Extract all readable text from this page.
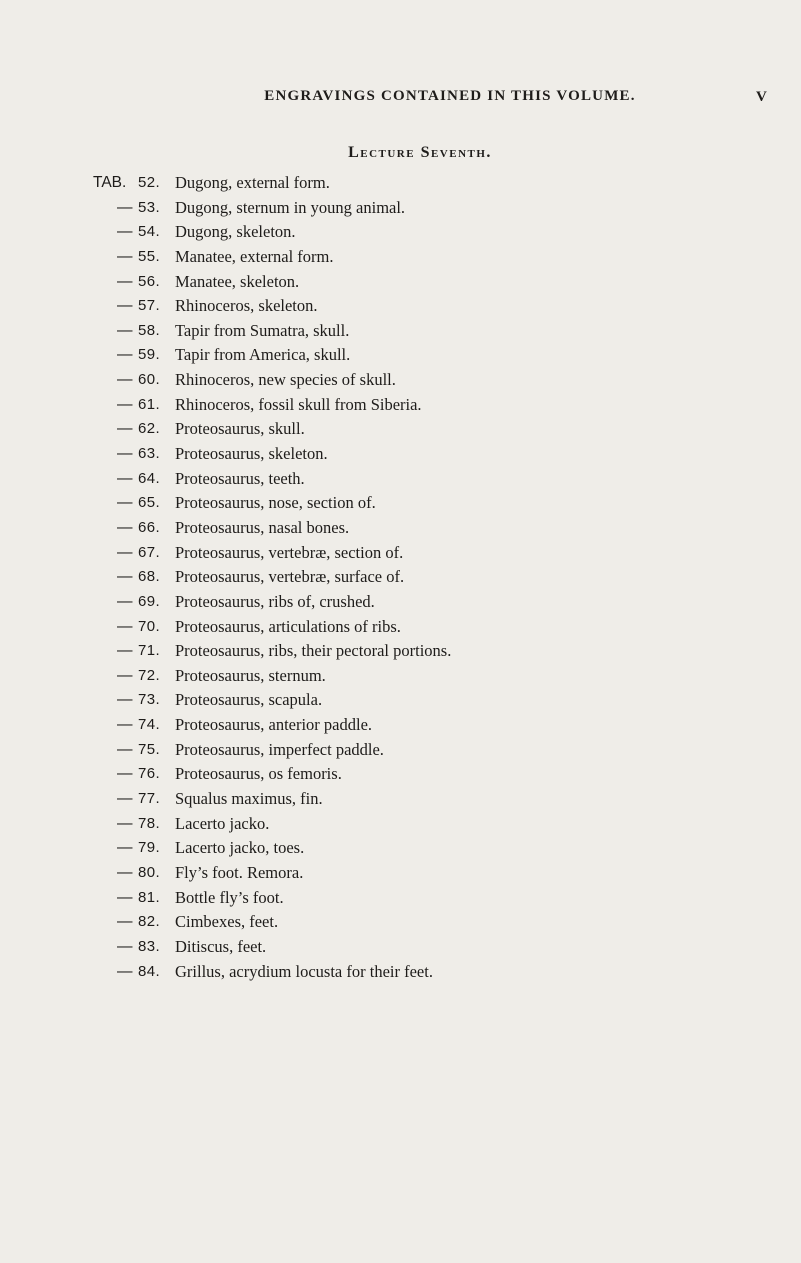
ENGRAVINGS CONTAINED IN THIS VOLUME.	V
Lecture Seventh.
TAB. 52. Dugong, external form.
— 53. Dugong, sternum in young animal.
— 54. Dugong, skeleton.
— 55. Manatee, external form.
— 56. Manatee, skeleton.
— 57. Rhinoceros, skeleton.
— 58. Tapir from Sumatra, skull.
— 59. Tapir from America, skull.
— 60. Rhinoceros, new species of skull.
— 61. Rhinoceros, fossil skull from Siberia.
— 62. Proteosaurus, skull.
— 63. Proteosaurus, skeleton.
— 64. Proteosaurus, teeth.
— 65. Proteosaurus, nose, section of.
— 66. Proteosaurus, nasal bones.
— 67. Proteosaurus, vertebræ, section of.
— 68. Proteosaurus, vertebræ, surface of.
— 69. Proteosaurus, ribs of, crushed.
— 70. Proteosaurus, articulations of ribs.
— 71. Proteosaurus, ribs, their pectoral portions.
— 72. Proteosaurus, sternum.
— 73. Proteosaurus, scapula.
— 74. Proteosaurus, anterior paddle.
— 75. Proteosaurus, imperfect paddle.
— 76. Proteosaurus, os femoris.
— 77. Squalus maximus, fin.
— 78. Lacerto jacko.
— 79. Lacerto jacko, toes.
— 80. Fly’s foot. Remora.
— 81. Bottle fly’s foot.
— 82. Cimbexes, feet.
— 83. Ditiscus, feet.
— 84. Grillus, acrydium locusta for their feet.
